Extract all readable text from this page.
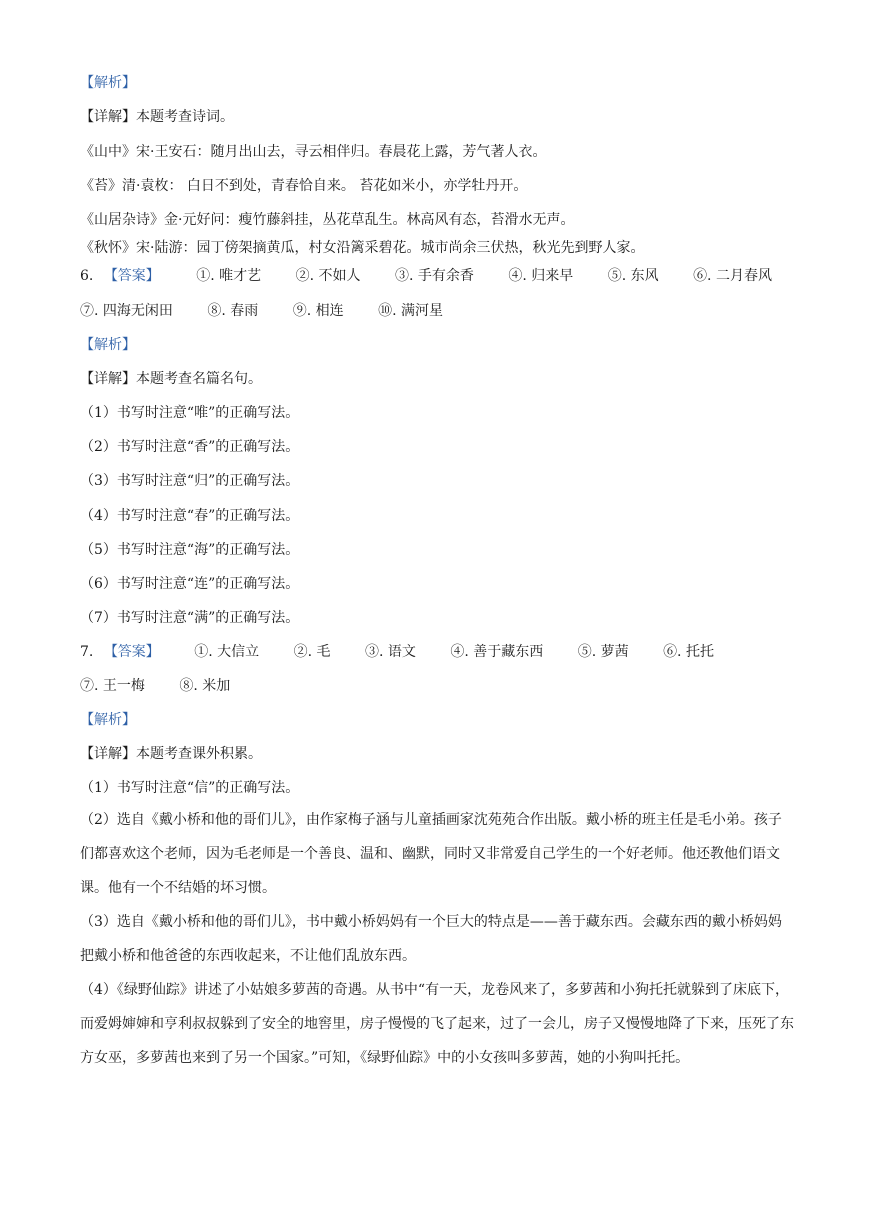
【解析】
【详解】本题考查诗词。
《山中》宋·王安石：随月出山去，寻云相伴归。春晨花上露，芳气著人衣。
《苔》清·袁枚： 白日不到处，青春恰自来。 苔花如米小，亦学牡丹开。
《山居杂诗》金·元好问：瘦竹藤斜挂，丛花草乱生。林高风有态，苔滑水无声。
《秋怀》宋·陆游：园丁傍架摘黄瓜，村女沿篱采碧花。城市尚余三伏热，秋光先到野人家。
6. 【答案】	①. 唯才艺 ②. 不如人 ③. 手有余香 ④. 归来早 ⑤. 东风 ⑥. 二月春风
⑦. 四海无闲田 ⑧. 春雨 ⑨. 相连 ⑩. 满河星
【解析】
【详解】本题考查名篇名句。
（1）书写时注意“唯”的正确写法。
（2）书写时注意“香”的正确写法。
（3）书写时注意“归”的正确写法。
（4）书写时注意“春”的正确写法。
（5）书写时注意“海”的正确写法。
（6）书写时注意“连”的正确写法。
（7）书写时注意“满”的正确写法。
7. 【答案】 ①. 大信立 ②. 毛 ③. 语文 ④. 善于藏东西 ⑤. 萝茜 ⑥. 托托
⑦. 王一梅 ⑧. 米加
【解析】
【详解】本题考查课外积累。
（1）书写时注意“信”的正确写法。
（2）选自《戴小桥和他的哥们儿》，由作家梅子涵与儿童插画家沈苑苑合作出版。戴小桥的班主任是毛小弟。孩子们都喜欢这个老师，因为毛老师是一个善良、温和、幽默，同时又非常爱自己学生的一个好老师。他还教他们语文课。他有一个不结婚的坏习惯。
（3）选自《戴小桥和他的哥们儿》，书中戴小桥妈妈有一个巨大的特点是——善于藏东西。会藏东西的戴小桥妈妈把戴小桥和他爸爸的东西收起来，不让他们乱放东西。
（4）《绿野仙踪》讲述了小姑娘多萝茜的奇遇。从书中“有一天，龙卷风来了，多萝茜和小狗托托就躲到了床底下，而爱姆婶婶和亨利叔叔躲到了安全的地窖里，房子慢慢的飞了起来，过了一会儿，房子又慢慢地降了下来，压死了东方女巫，多萝茜也来到了另一个国家。”可知，《绿野仙踪》中的小女孩叫多萝茜，她的小狗叫托托。
